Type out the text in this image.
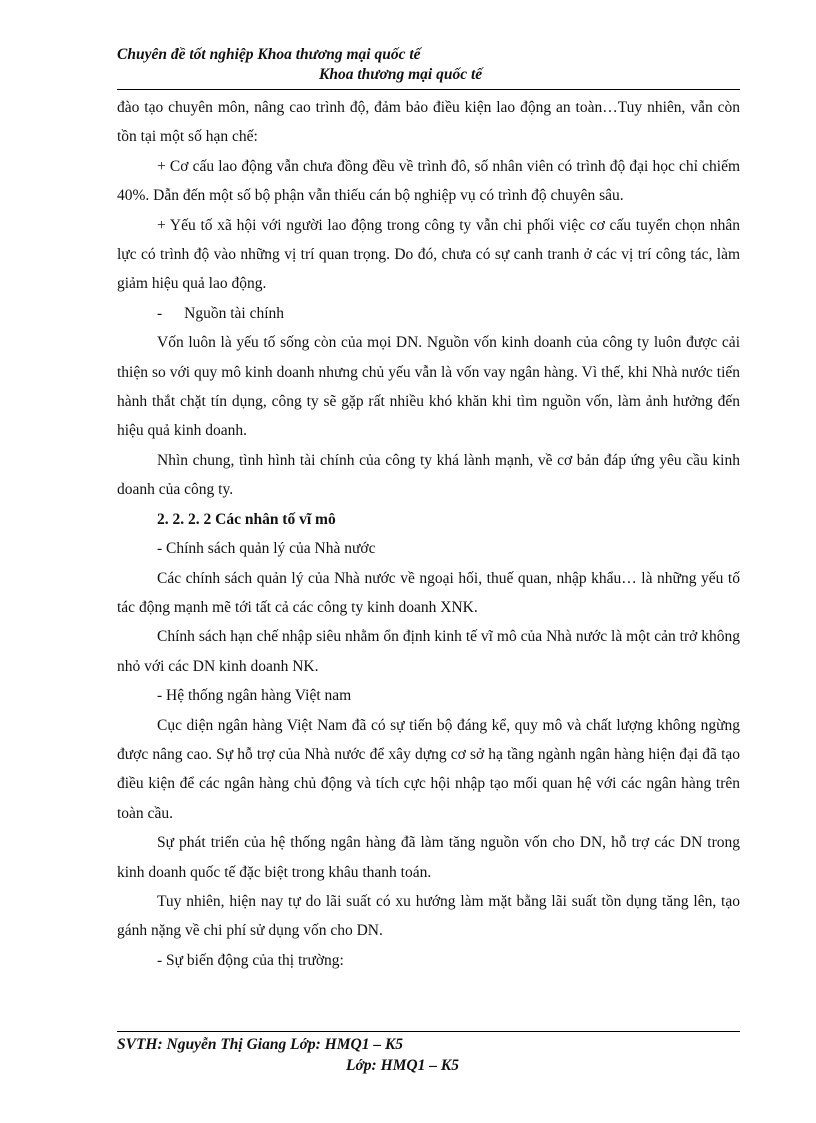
Chuyên đề tốt nghiệp Khoa thương mại quốc tế
Khoa thương mại quốc tế

đào tạo chuyên môn, nâng cao trình độ, đảm bảo điều kiện lao động an toàn…Tuy nhiên, vẫn còn tồn tại một số hạn chế:

+ Cơ cấu lao động vẫn chưa đồng đều về trình đô, số nhân viên có trình độ đại học chỉ chiếm 40%. Dẫn đến một số bộ phận vẫn thiếu cán bộ nghiệp vụ có trình độ chuyên sâu.

+ Yếu tố xã hội với người lao động trong công ty vẫn chi phối việc cơ cấu tuyển chọn nhân lực có trình độ vào những vị trí quan trọng. Do đó, chưa có sự canh tranh ở các vị trí công tác, làm giảm hiệu quả lao động.

- Nguồn tài chính

Vốn luôn là yếu tố sống còn của mọi DN. Nguồn vốn kinh doanh của công ty luôn được cải thiện so với quy mô kinh doanh nhưng chủ yếu vẫn là vốn vay ngân hàng. Vì thế, khi Nhà nước tiến hành thắt chặt tín dụng, công ty sẽ gặp rất nhiều khó khăn khi tìm nguồn vốn, làm ảnh hưởng đến hiệu quả kinh doanh.

Nhìn chung, tình hình tài chính của công ty khá lành mạnh, về cơ bản đáp ứng yêu cầu kinh doanh của công ty.

2. 2. 2. 2 Các nhân tố vĩ mô

- Chính sách quản lý của Nhà nước

Các chính sách quản lý của Nhà nước về ngoại hối, thuế quan, nhập khẩu… là những yếu tố tác động mạnh mẽ tới tất cả các công ty kinh doanh XNK.

Chính sách hạn chế nhập siêu nhằm ổn định kinh tế vĩ mô của Nhà nước là một cản trở không nhỏ với các DN kinh doanh NK.

- Hệ thống ngân hàng Việt nam

Cục diện ngân hàng Việt Nam đã có sự tiến bộ đáng kể, quy mô và chất lượng không ngừng được nâng cao. Sự hỗ trợ của Nhà nước để xây dựng cơ sở hạ tầng ngành ngân hàng hiện đại đã tạo điều kiện để các ngân hàng chủ động và tích cực hội nhập tạo mối quan hệ với các ngân hàng trên toàn cầu.

Sự phát triển của hệ thống ngân hàng đã làm tăng nguồn vốn cho DN, hỗ trợ các DN trong kinh doanh quốc tế đặc biệt trong khâu thanh toán.

Tuy nhiên, hiện nay tự do lãi suất có xu hướng làm mặt bằng lãi suất tồn dụng tăng lên, tạo gánh nặng về chi phí sử dụng vốn cho DN.

- Sự biến động của thị trường:

SVTH: Nguyễn Thị Giang Lớp: HMQ1 – K5
Lớp: HMQ1 – K5
